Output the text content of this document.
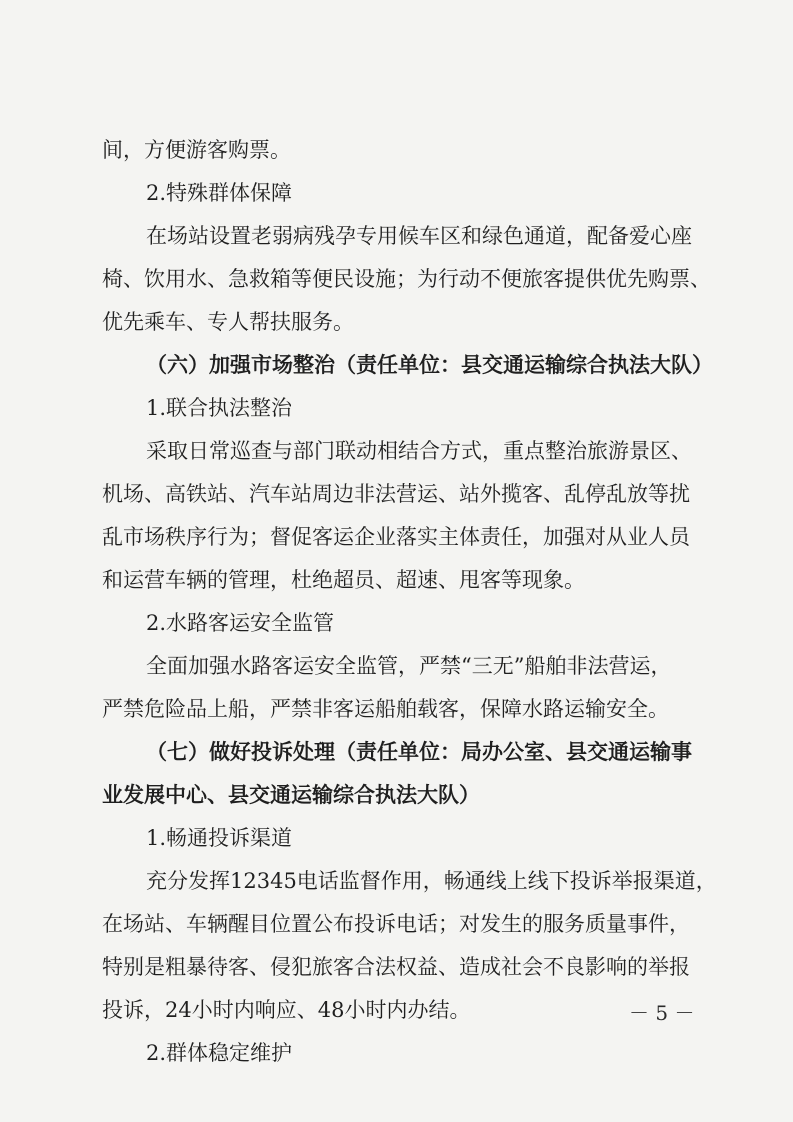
间，方便游客购票。
2.特殊群体保障
在场站设置老弱病残孕专用候车区和绿色通道，配备爱心座
椅、饮用水、急救箱等便民设施；为行动不便旅客提供优先购票、
优先乘车、专人帮扶服务。
（六）加强市场整治（责任单位：县交通运输综合执法大队）
1.联合执法整治
采取日常巡查与部门联动相结合方式，重点整治旅游景区、
机场、高铁站、汽车站周边非法营运、站外揽客、乱停乱放等扰
乱市场秩序行为；督促客运企业落实主体责任，加强对从业人员
和运营车辆的管理，杜绝超员、超速、甩客等现象。
2.水路客运安全监管
全面加强水路客运安全监管，严禁“三无”船舶非法营运，
严禁危险品上船，严禁非客运船舶载客，保障水路运输安全。
（七）做好投诉处理（责任单位：局办公室、县交通运输事
业发展中心、县交通运输综合执法大队）
1.畅通投诉渠道
充分发挥12345电话监督作用，畅通线上线下投诉举报渠道，
在场站、车辆醒目位置公布投诉电话；对发生的服务质量事件，
特别是粗暴待客、侵犯旅客合法权益、造成社会不良影响的举报
投诉，24小时内响应、48小时内办结。
2.群体稳定维护
－ 5 －
